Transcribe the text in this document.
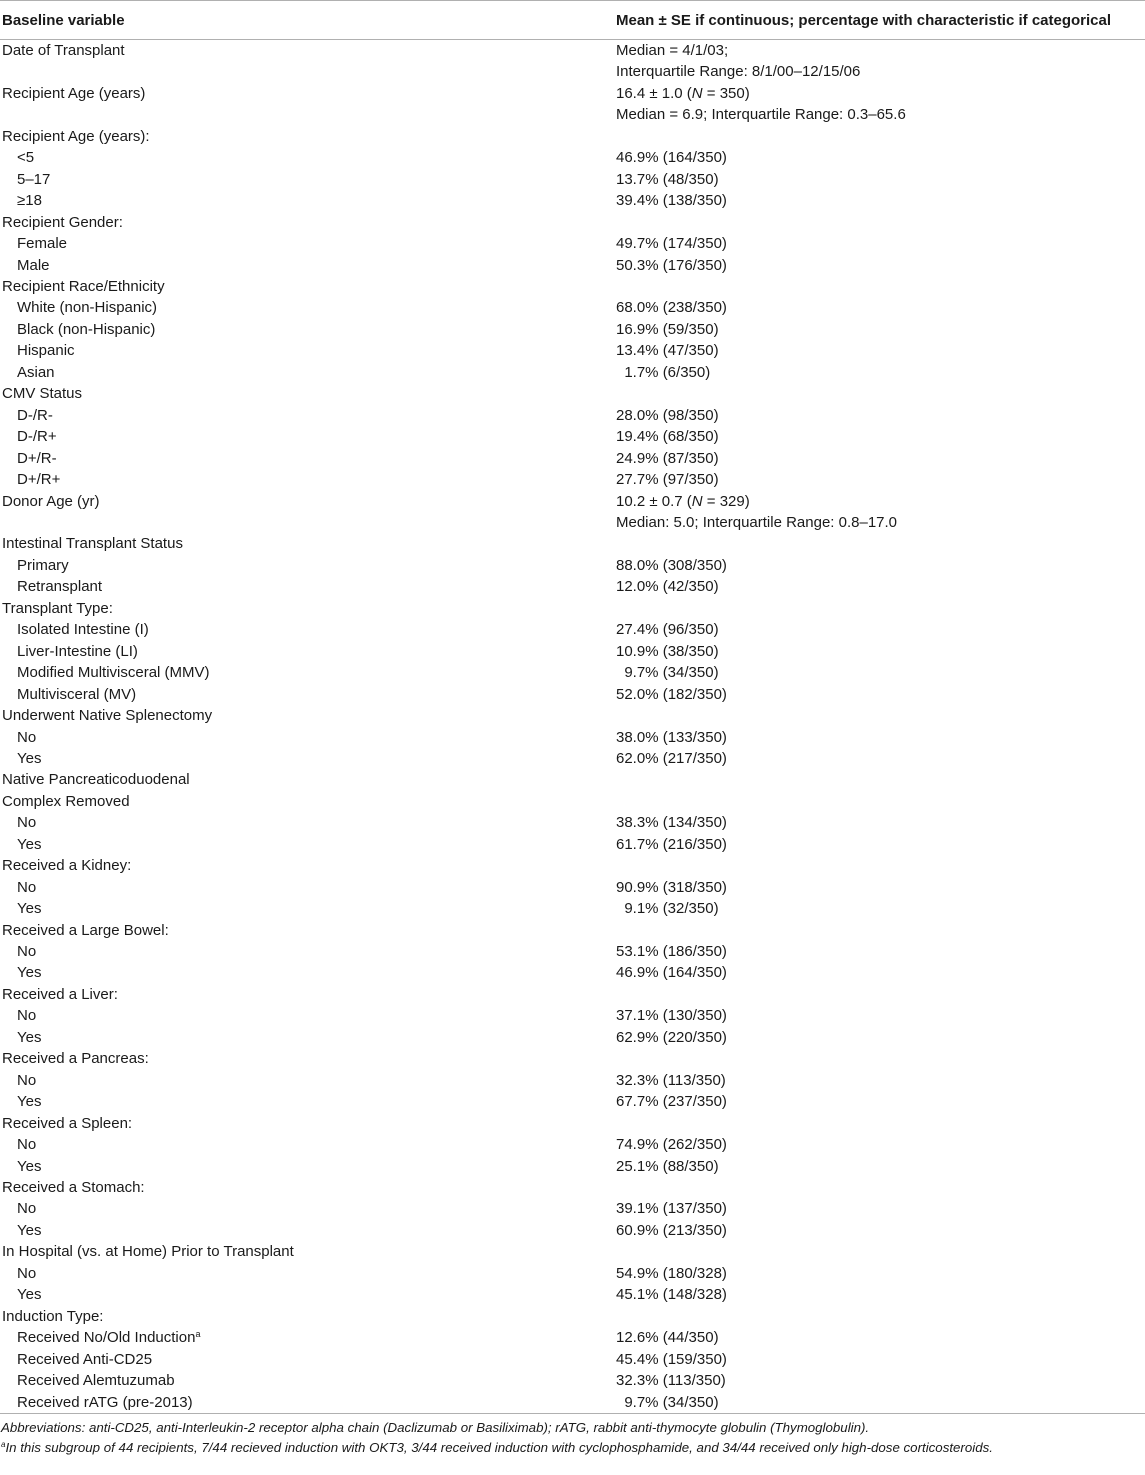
Baseline variable	Mean ± SE if continuous; percentage with characteristic if categorical
Date of Transplant	Median = 4/1/03;
	Interquartile Range: 8/1/00–12/15/06
Recipient Age (years)	16.4 ± 1.0 (N = 350)
	Median = 6.9; Interquartile Range: 0.3–65.6
Recipient Age (years):	
<5	46.9% (164/350)
5–17	13.7% (48/350)
≥18	39.4% (138/350)
Recipient Gender:	
Female	49.7% (174/350)
Male	50.3% (176/350)
Recipient Race/Ethnicity	
White (non-Hispanic)	68.0% (238/350)
Black (non-Hispanic)	16.9% (59/350)
Hispanic	13.4% (47/350)
Asian	1.7% (6/350)
CMV Status	
D-/R-	28.0% (98/350)
D-/R+	19.4% (68/350)
D+/R-	24.9% (87/350)
D+/R+	27.7% (97/350)
Donor Age (yr)	10.2 ± 0.7 (N = 329)
	Median: 5.0; Interquartile Range: 0.8–17.0
Intestinal Transplant Status	
Primary	88.0% (308/350)
Retransplant	12.0% (42/350)
Transplant Type:	
Isolated Intestine (I)	27.4% (96/350)
Liver-Intestine (LI)	10.9% (38/350)
Modified Multivisceral (MMV)	9.7% (34/350)
Multivisceral (MV)	52.0% (182/350)
Underwent Native Splenectomy	
No	38.0% (133/350)
Yes	62.0% (217/350)
Native Pancreaticoduodenal	
Complex Removed	
No	38.3% (134/350)
Yes	61.7% (216/350)
Received a Kidney:	
No	90.9% (318/350)
Yes	9.1% (32/350)
Received a Large Bowel:	
No	53.1% (186/350)
Yes	46.9% (164/350)
Received a Liver:	
No	37.1% (130/350)
Yes	62.9% (220/350)
Received a Pancreas:	
No	32.3% (113/350)
Yes	67.7% (237/350)
Received a Spleen:	
No	74.9% (262/350)
Yes	25.1% (88/350)
Received a Stomach:	
No	39.1% (137/350)
Yes	60.9% (213/350)
In Hospital (vs. at Home) Prior to Transplant	
No	54.9% (180/328)
Yes	45.1% (148/328)
Induction Type:	
Received No/Old Induction$^a$	12.6% (44/350)
Received Anti-CD25	45.4% (159/350)
Received Alemtuzumab	32.3% (113/350)
Received rATG (pre-2013)	9.7% (34/350)
Abbreviations: anti-CD25, anti-Interleukin-2 receptor alpha chain (Daclizumab or Basiliximab); rATG, rabbit anti-thymocyte globulin (Thymoglobulin).
$^a$In this subgroup of 44 recipients, 7/44 recieved induction with OKT3, 3/44 received induction with cyclophosphamide, and 34/44 received only high-dose corticosteroids.
